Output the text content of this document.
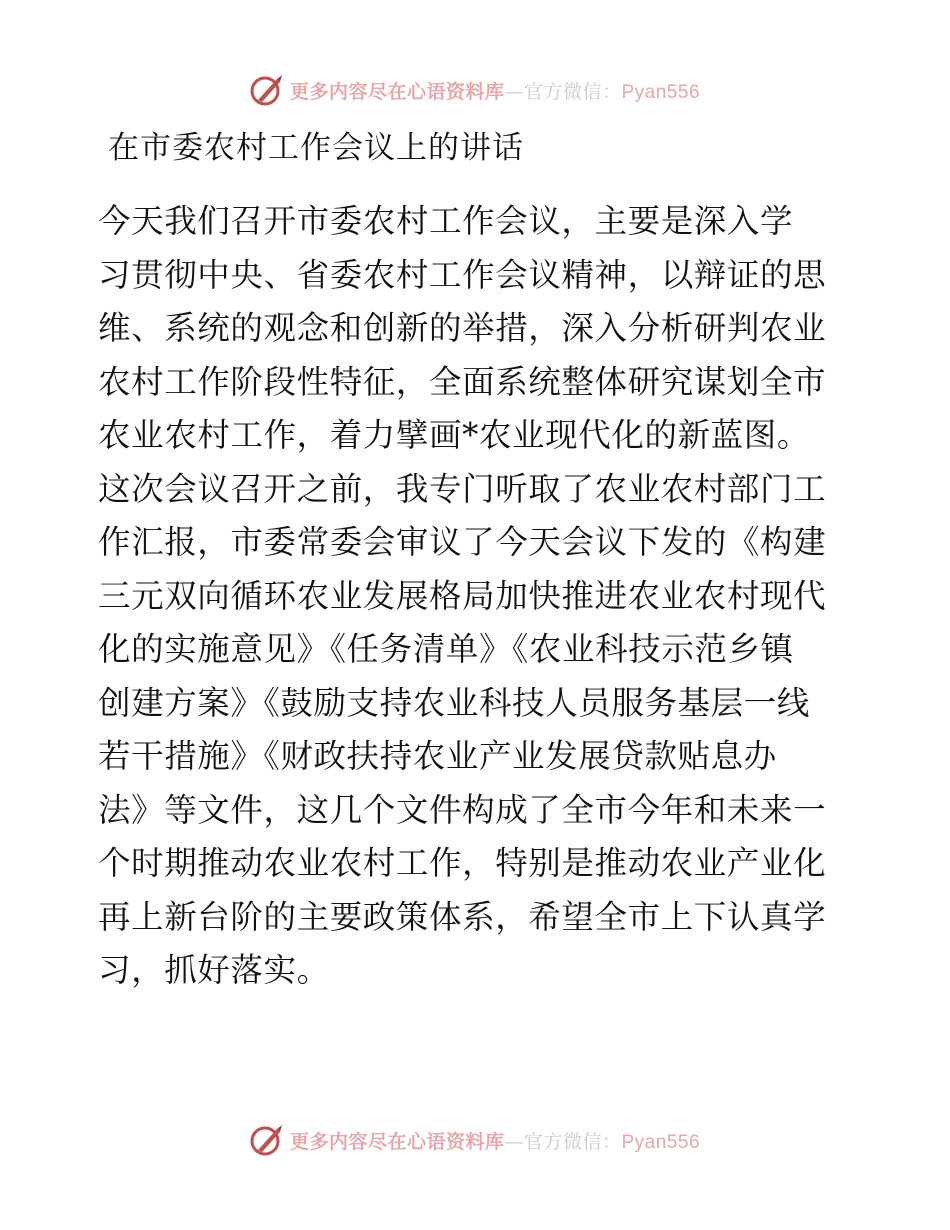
更多内容尽在心语资料库—官方微信：Pyan556
在市委农村工作会议上的讲话
今天我们召开市委农村工作会议，主要是深入学
习贯彻中央、省委农村工作会议精神，以辩证的思
维、系统的观念和创新的举措，深入分析研判农业
农村工作阶段性特征，全面系统整体研究谋划全市
农业农村工作，着力擘画*农业现代化的新蓝图。
这次会议召开之前，我专门听取了农业农村部门工
作汇报，市委常委会审议了今天会议下发的《构建
三元双向循环农业发展格局加快推进农业农村现代
化的实施意见》《任务清单》《农业科技示范乡镇
创建方案》《鼓励支持农业科技人员服务基层一线
若干措施》《财政扶持农业产业发展贷款贴息办
法》等文件，这几个文件构成了全市今年和未来一
个时期推动农业农村工作，特别是推动农业产业化
再上新台阶的主要政策体系，希望全市上下认真学
习，抓好落实。
更多内容尽在心语资料库—官方微信：Pyan556
